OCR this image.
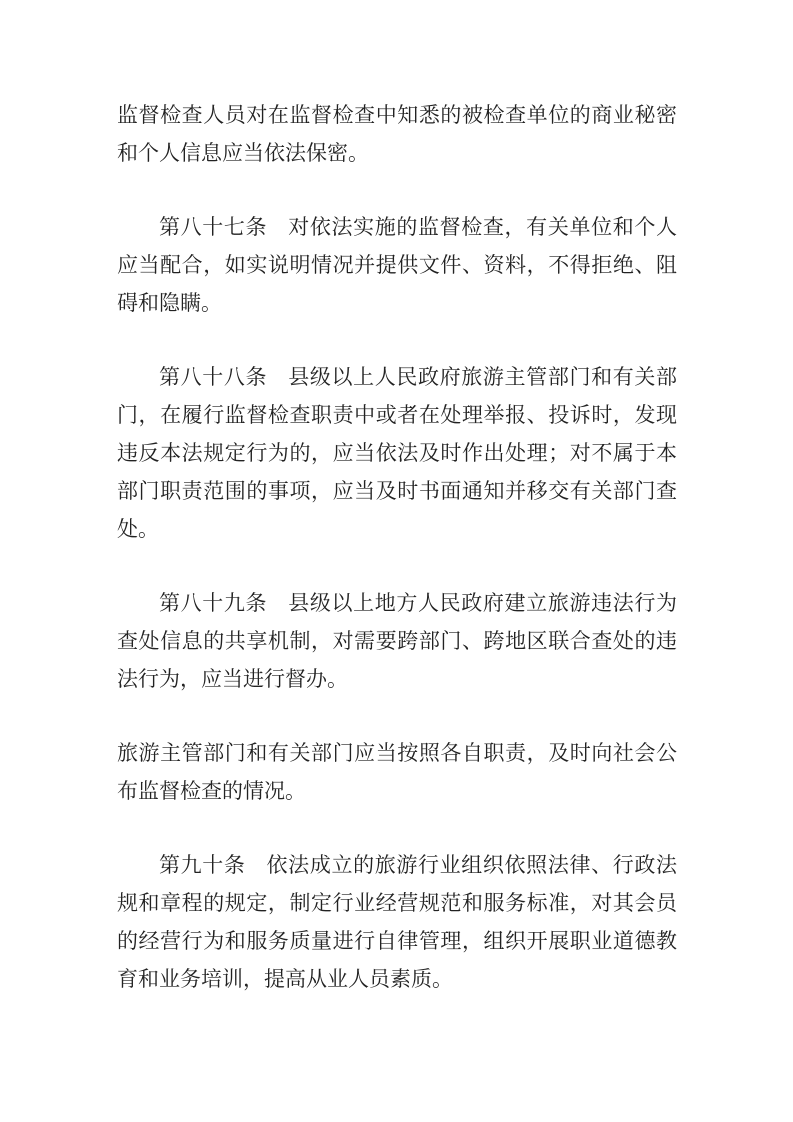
监督检查人员对在监督检查中知悉的被检查单位的商业秘密和个人信息应当依法保密。

第八十七条 对依法实施的监督检查，有关单位和个人应当配合，如实说明情况并提供文件、资料，不得拒绝、阻碍和隐瞒。

第八十八条 县级以上人民政府旅游主管部门和有关部门，在履行监督检查职责中或者在处理举报、投诉时，发现违反本法规定行为的，应当依法及时作出处理；对不属于本部门职责范围的事项，应当及时书面通知并移交有关部门查处。

第八十九条 县级以上地方人民政府建立旅游违法行为查处信息的共享机制，对需要跨部门、跨地区联合查处的违法行为，应当进行督办。

旅游主管部门和有关部门应当按照各自职责，及时向社会公布监督检查的情况。

第九十条 依法成立的旅游行业组织依照法律、行政法规和章程的规定，制定行业经营规范和服务标准，对其会员的经营行为和服务质量进行自律管理，组织开展职业道德教育和业务培训，提高从业人员素质。
